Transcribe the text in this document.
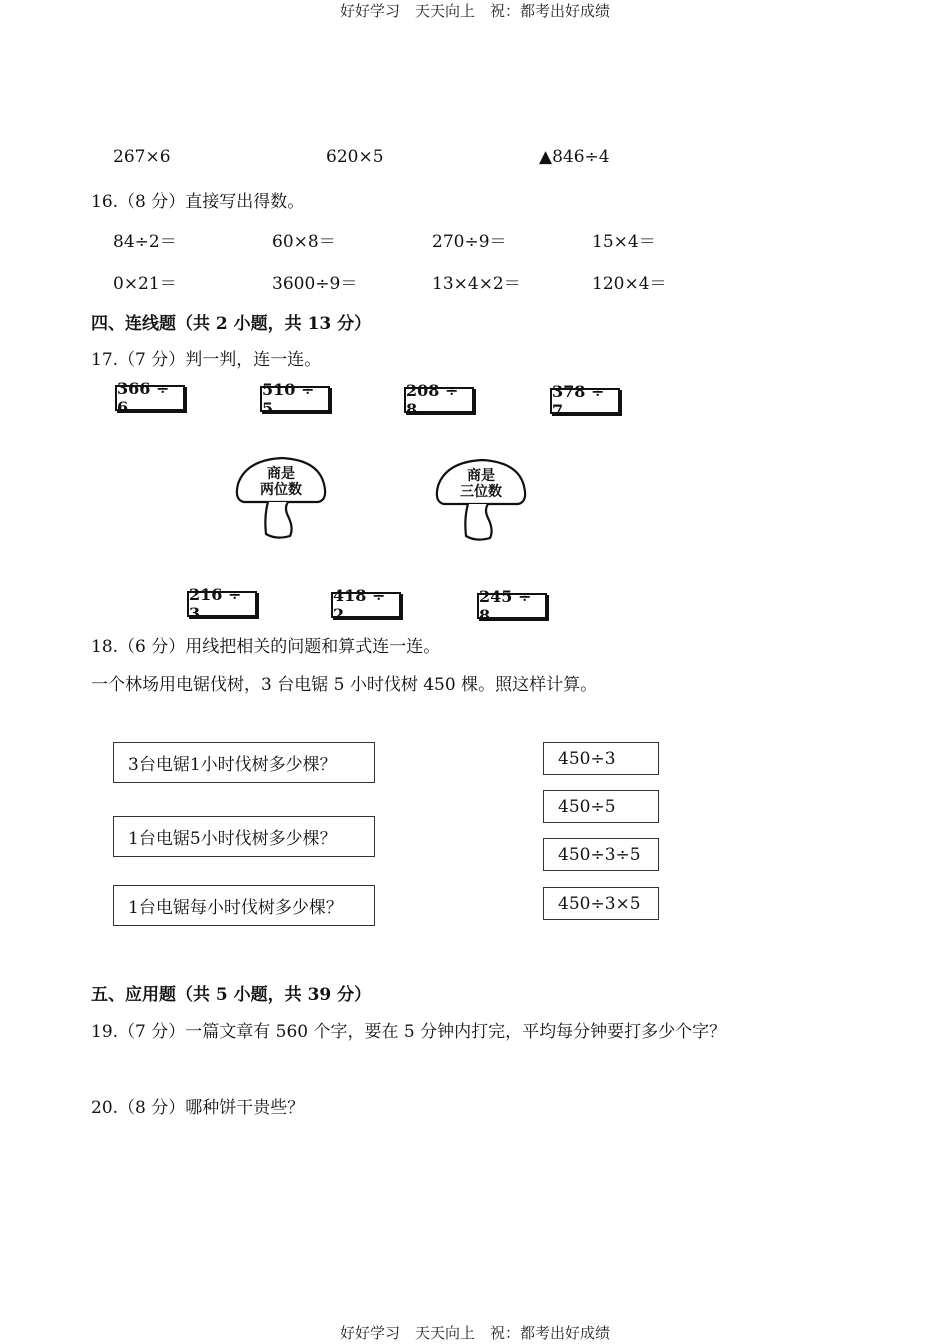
好好学习　天天向上　祝：都考出好成绩
好好学习　天天向上　祝：都考出好成绩
267×6	620×5	▲846÷4
16.（8 分）直接写出得数。
84÷2＝	60×8＝	270÷9＝	15×4＝
0×21＝	3600÷9＝	13×4×2＝	120×4＝
四、连线题（共 2 小题，共 13 分）
17.（7 分）判一判，连一连。
366 ÷ 6
510 ÷ 5
208 ÷ 8
378 ÷ 7
商是
两位数
商是
三位数
216 ÷ 3
418 ÷ 2
245 ÷ 8
18.（6 分）用线把相关的问题和算式连一连。
一个林场用电锯伐树，3 台电锯 5 小时伐树 450 棵。照这样计算。
3台电锯1小时伐树多少棵？
1台电锯5小时伐树多少棵？
1台电锯每小时伐树多少棵？
450÷3
450÷5
450÷3÷5
450÷3×5
五、应用题（共 5 小题，共 39 分）
19.（7 分）一篇文章有 560 个字，要在 5 分钟内打完，平均每分钟要打多少个字？
20.（8 分）哪种饼干贵些？
